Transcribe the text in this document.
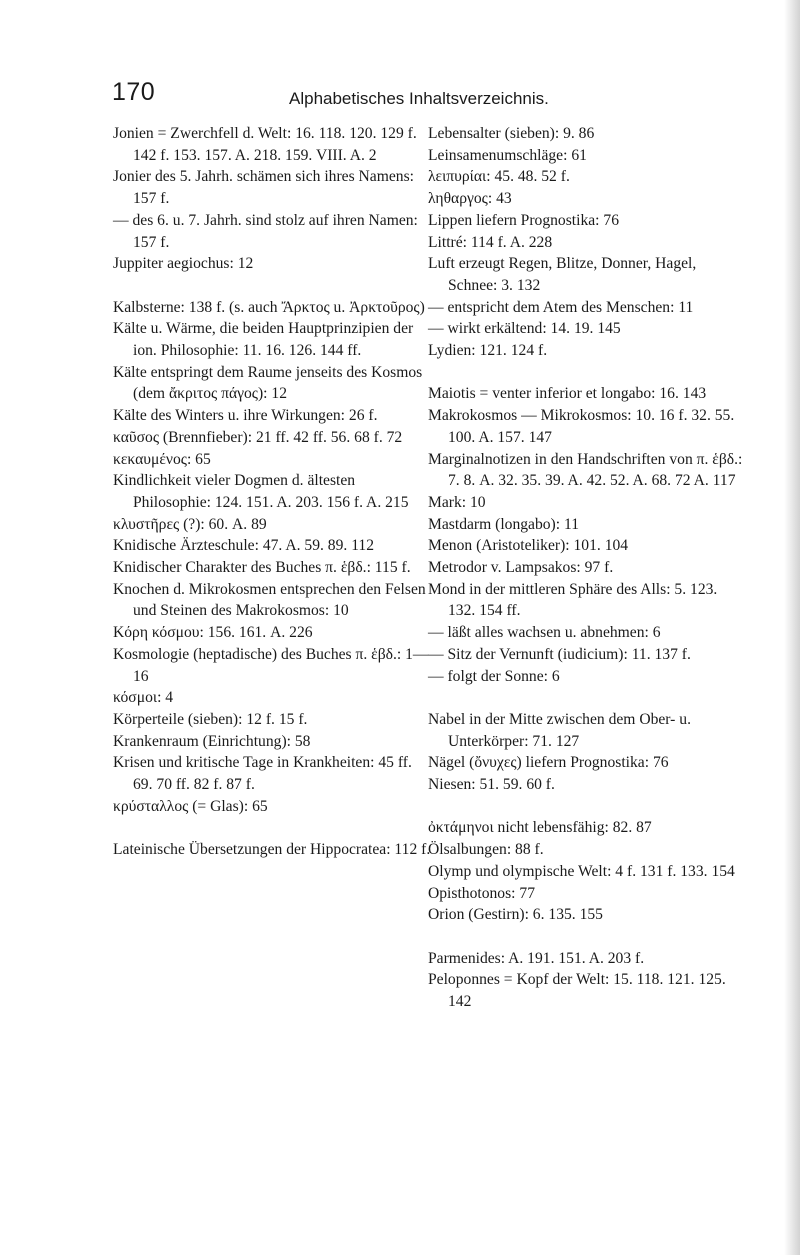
170	Alphabetisches Inhaltsverzeichnis.
Jonien = Zwerchfell d. Welt: 16. 118. 120. 129 f. 142 f. 153. 157. A. 218. 159. VIII. A. 2
Jonier des 5. Jahrh. schämen sich ihres Namens: 157 f.
— des 6. u. 7. Jahrh. sind stolz auf ihren Namen: 157 f.
Juppiter aegiochus: 12
Kalbsterne: 138 f. (s. auch Ἄρκτος u. Ἀρκτοῦρος)
Kälte u. Wärme, die beiden Hauptprinzipien der ion. Philosophie: 11. 16. 126. 144 ff.
Kälte entspringt dem Raume jenseits des Kosmos (dem ἄκριτος πάγος): 12
Kälte des Winters u. ihre Wirkungen: 26 f.
καῦσος (Brennfieber): 21 ff. 42 ff. 56. 68 f. 72
κεκαυμένος: 65
Kindlichkeit vieler Dogmen d. ältesten Philosophie: 124. 151. A. 203. 156 f. A. 215
κλυστῆρες (?): 60. A. 89
Knidische Ärzteschule: 47. A. 59. 89. 112
Knidischer Charakter des Buches π. ἑβδ.: 115 f.
Knochen d. Mikrokosmen entsprechen den Felsen und Steinen des Makrokosmos: 10
Κόρη κόσμου: 156. 161. A. 226
Kosmologie (heptadische) des Buches π. ἑβδ.: 1—16
κόσμοι: 4
Körperteile (sieben): 12 f. 15 f.
Krankenraum (Einrichtung): 58
Krisen und kritische Tage in Krankheiten: 45 ff. 69. 70 ff. 82 f. 87 f.
κρύσταλλος (= Glas): 65
Lateinische Übersetzungen der Hippocratea: 112 f.
Lebensalter (sieben): 9. 86
Leinsamenumschläge: 61
λειπυρίαι: 45. 48. 52 f.
ληθαργος: 43
Lippen liefern Prognostika: 76
Littré: 114 f. A. 228
Luft erzeugt Regen, Blitze, Donner, Hagel, Schnee: 3. 132
— entspricht dem Atem des Menschen: 11
— wirkt erkältend: 14. 19. 145
Lydien: 121. 124 f.
Maiotis = venter inferior et longabo: 16. 143
Makrokosmos — Mikrokosmos: 10. 16 f. 32. 55. 100. A. 157. 147
Marginalnotizen in den Handschriften von π. ἑβδ.: 7. 8. A. 32. 35. 39. A. 42. 52. A. 68. 72 A. 117
Mark: 10
Mastdarm (longabo): 11
Menon (Aristoteliker): 101. 104
Metrodor v. Lampsakos: 97 f.
Mond in der mittleren Sphäre des Alls: 5. 123. 132. 154 ff.
— läßt alles wachsen u. abnehmen: 6
— Sitz der Vernunft (iudicium): 11. 137 f.
— folgt der Sonne: 6
Nabel in der Mitte zwischen dem Ober- u. Unterkörper: 71. 127
Nägel (ὄνυχες) liefern Prognostika: 76
Niesen: 51. 59. 60 f.
ὀκτάμηνοι nicht lebensfähig: 82. 87
Ölsalbungen: 88 f.
Olymp und olympische Welt: 4 f. 131 f. 133. 154
Opisthotonos: 77
Orion (Gestirn): 6. 135. 155
Parmenides: A. 191. 151. A. 203 f.
Peloponnes = Kopf der Welt: 15. 118. 121. 125. 142
